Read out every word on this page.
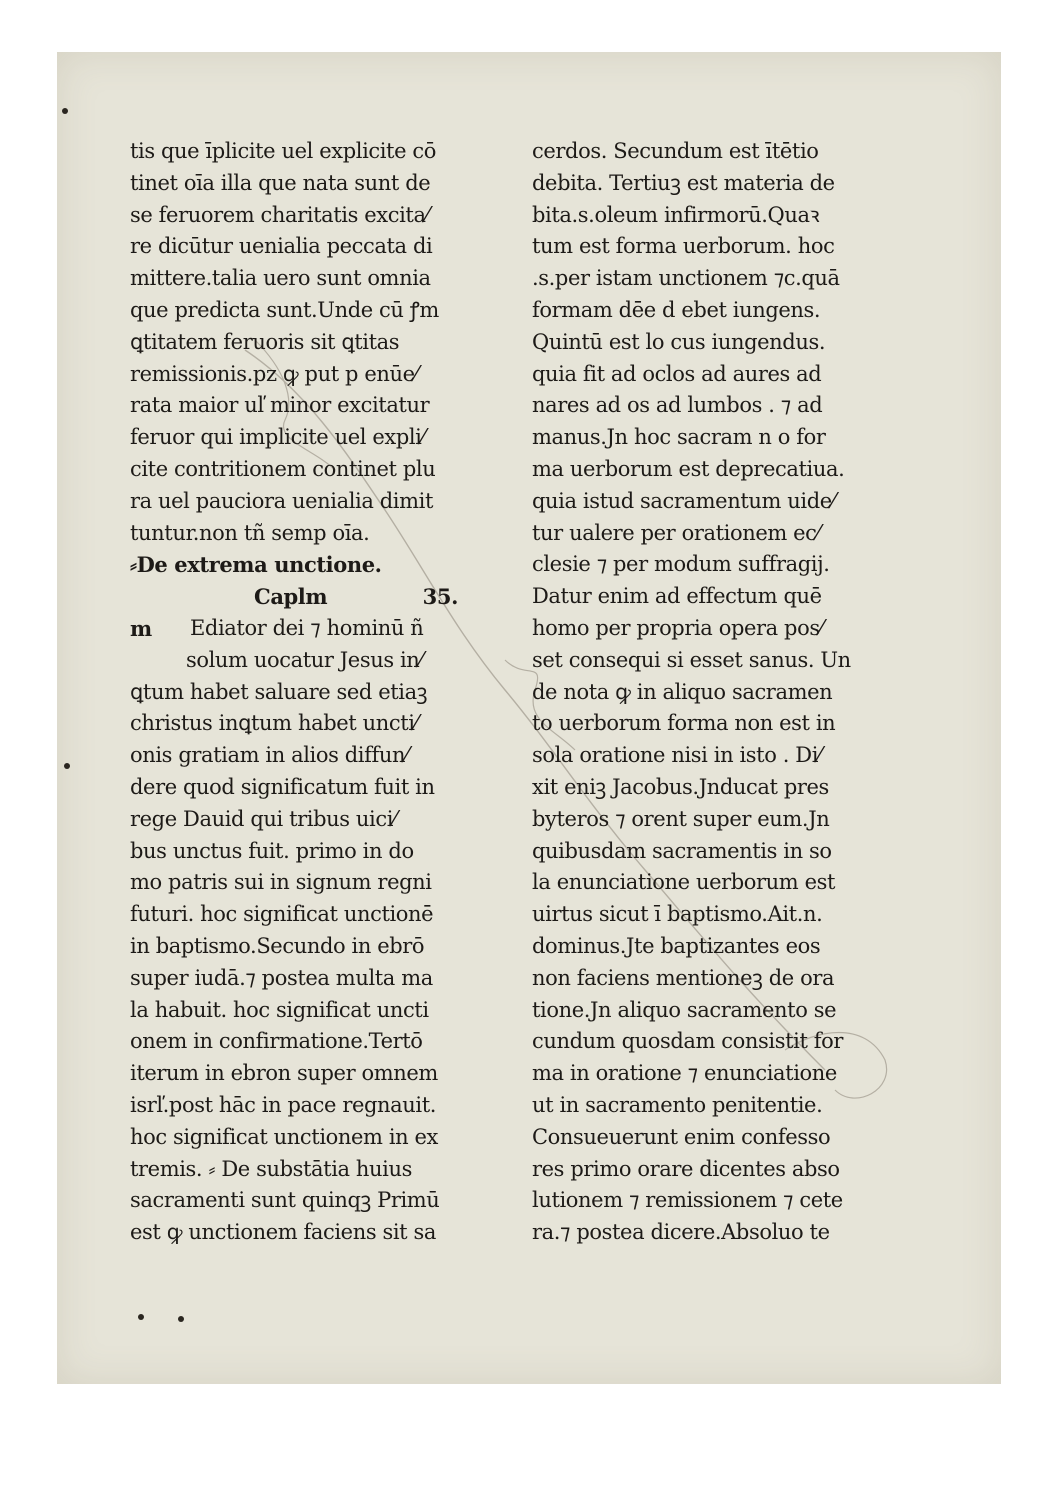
tis que īplicite uel explicite cō
tinet oīa illa que nata sunt de
se feruorem charitatis excita⁄
re dicūtur uenialia peccata di
mittere.talia uero sunt omnia
que predicta sunt.Unde cū ꝭm
ꝗtitatem feruoris sit ꝗtitas
remissionis.pz ꝙ put p enūe⁄
rata maior uľ minor excitatur
feruor qui implicite uel expli⁄
cite contritionem continet plu
ra uel pauciora uenialia dimit
tuntur.non tñ semp oīa.
⸗De extrema unctione.
Caplm	35.
m	Ediator dei ⁊ hominū ñ
solum uocatur Jesus in⁄
ꝗtum habet saluare sed etiaꝫ
christus inꝗtum habet uncti⁄
onis gratiam in alios diffun⁄
dere quod significatum fuit in
rege Dauid qui tribus uici⁄
bus unctus fuit. primo in do
mo patris sui in signum regni
futuri. hoc significat unctionē
in baptismo.Secundo in ebrō
super iudā.⁊ postea multa ma
la habuit. hoc significat uncti
onem in confirmatione.Tertō
iterum in ebron super omnem
isrľ.post hāc in pace regnauit.
hoc significat unctionem in ex
tremis. ⸗ De substātia huius
sacramenti sunt quinqꝫ Primū
est ꝙ unctionem faciens sit sa
cerdos. Secundum est ītētio
debita. Tertiuꝫ est materia de
bita.s.oleum infirmorū.Quaꝛ
tum est forma uerborum. hoc
.s.per istam unctionem ⁊c.quā
formam dēe d ebet iungens.
Quintū est lo cus iungendus.
quia fit ad oclos ad aures ad
nares ad os ad lumbos . ⁊ ad
manus.Jn hoc sacram n o for
ma uerborum est deprecatiua.
quia istud sacramentum uide⁄
tur ualere per orationem ec⁄
clesie ⁊ per modum suffragij.
Datur enim ad effectum quē
homo per propria opera pos⁄
set consequi si esset sanus. Un
de nota ꝙ in aliquo sacramen
to uerborum forma non est in
sola oratione nisi in isto . Di⁄
xit eniꝫ Jacobus.Jnducat pres
byteros ⁊ orent super eum.Jn
quibusdam sacramentis in so
la enunciatione uerborum est
uirtus sicut ī baptismo.Ait.n.
dominus.Jte baptizantes eos
non faciens mentioneꝫ de ora
tione.Jn aliquo sacramento se
cundum quosdam consistit for
ma in oratione ⁊ enunciatione
ut in sacramento penitentie.
Consueuerunt enim confesso
res primo orare dicentes abso
lutionem ⁊ remissionem ⁊ cete
ra.⁊ postea dicere.Absoluo te
